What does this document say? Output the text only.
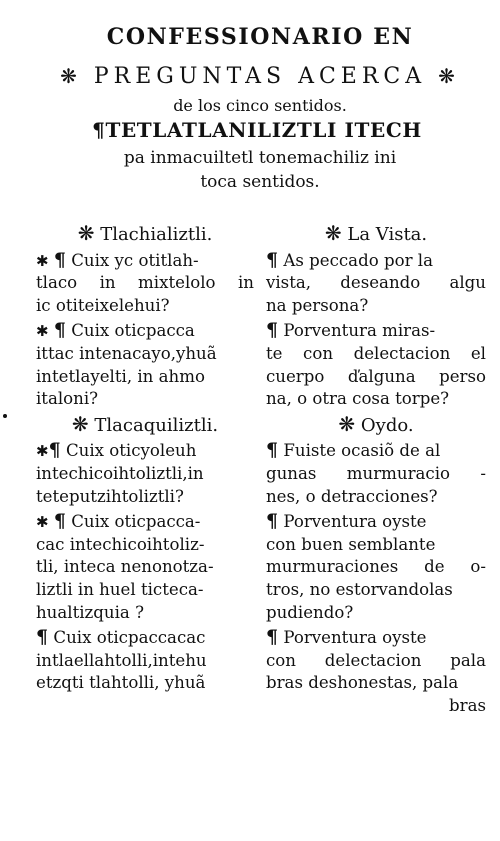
CONFESSIONARIO EN
❋ PREGUNTAS ACERCA ❋
de los cinco sentidos.
¶TETLATLANILIZTLI ITECH
pa inmacuiltetl tonemachiliz ini
toca sentidos.
❋ Tlachializtli.
✱ ¶ Cuix yc otitlah-
tlaco in mixtelolo in
ic otiteixelehui?
✱ ¶ Cuix oticpacca
ittac intenacayo,yhuã
intetlayelti, in ahmo
italoni?
❋ Tlacaquiliztli.
✱¶ Cuix oticyoleuh
intechicoihtoliztli,in
teteputzihtoliztli?
✱ ¶ Cuix oticpacca-
cac intechicoihtoliz-
tli, inteca nenonotza-
liztli in huel tictecа-
hualtizquia ?
¶ Cuix oticpaccacac
intlaellahtolli,intehu
etzqti tlahtolli, yhuã
❋ La Vista.
¶ As peccado por la
vista, deseando algu
na persona?
¶ Porventura miras-
te con delectacion el
cuerpo ďalguna perso
na, o otra cosa torpe?
❋ Oydo.
¶ Fuiste ocasiõ de al
gunas murmuracio -
nes, o detracciones?
¶ Porventura oyste
con buen semblante
murmuraciones de o-
tros, no estorvandolas
pudiendo?
¶ Porventura oyste
con delectacion pala
bras deshonestas, pala
bras
